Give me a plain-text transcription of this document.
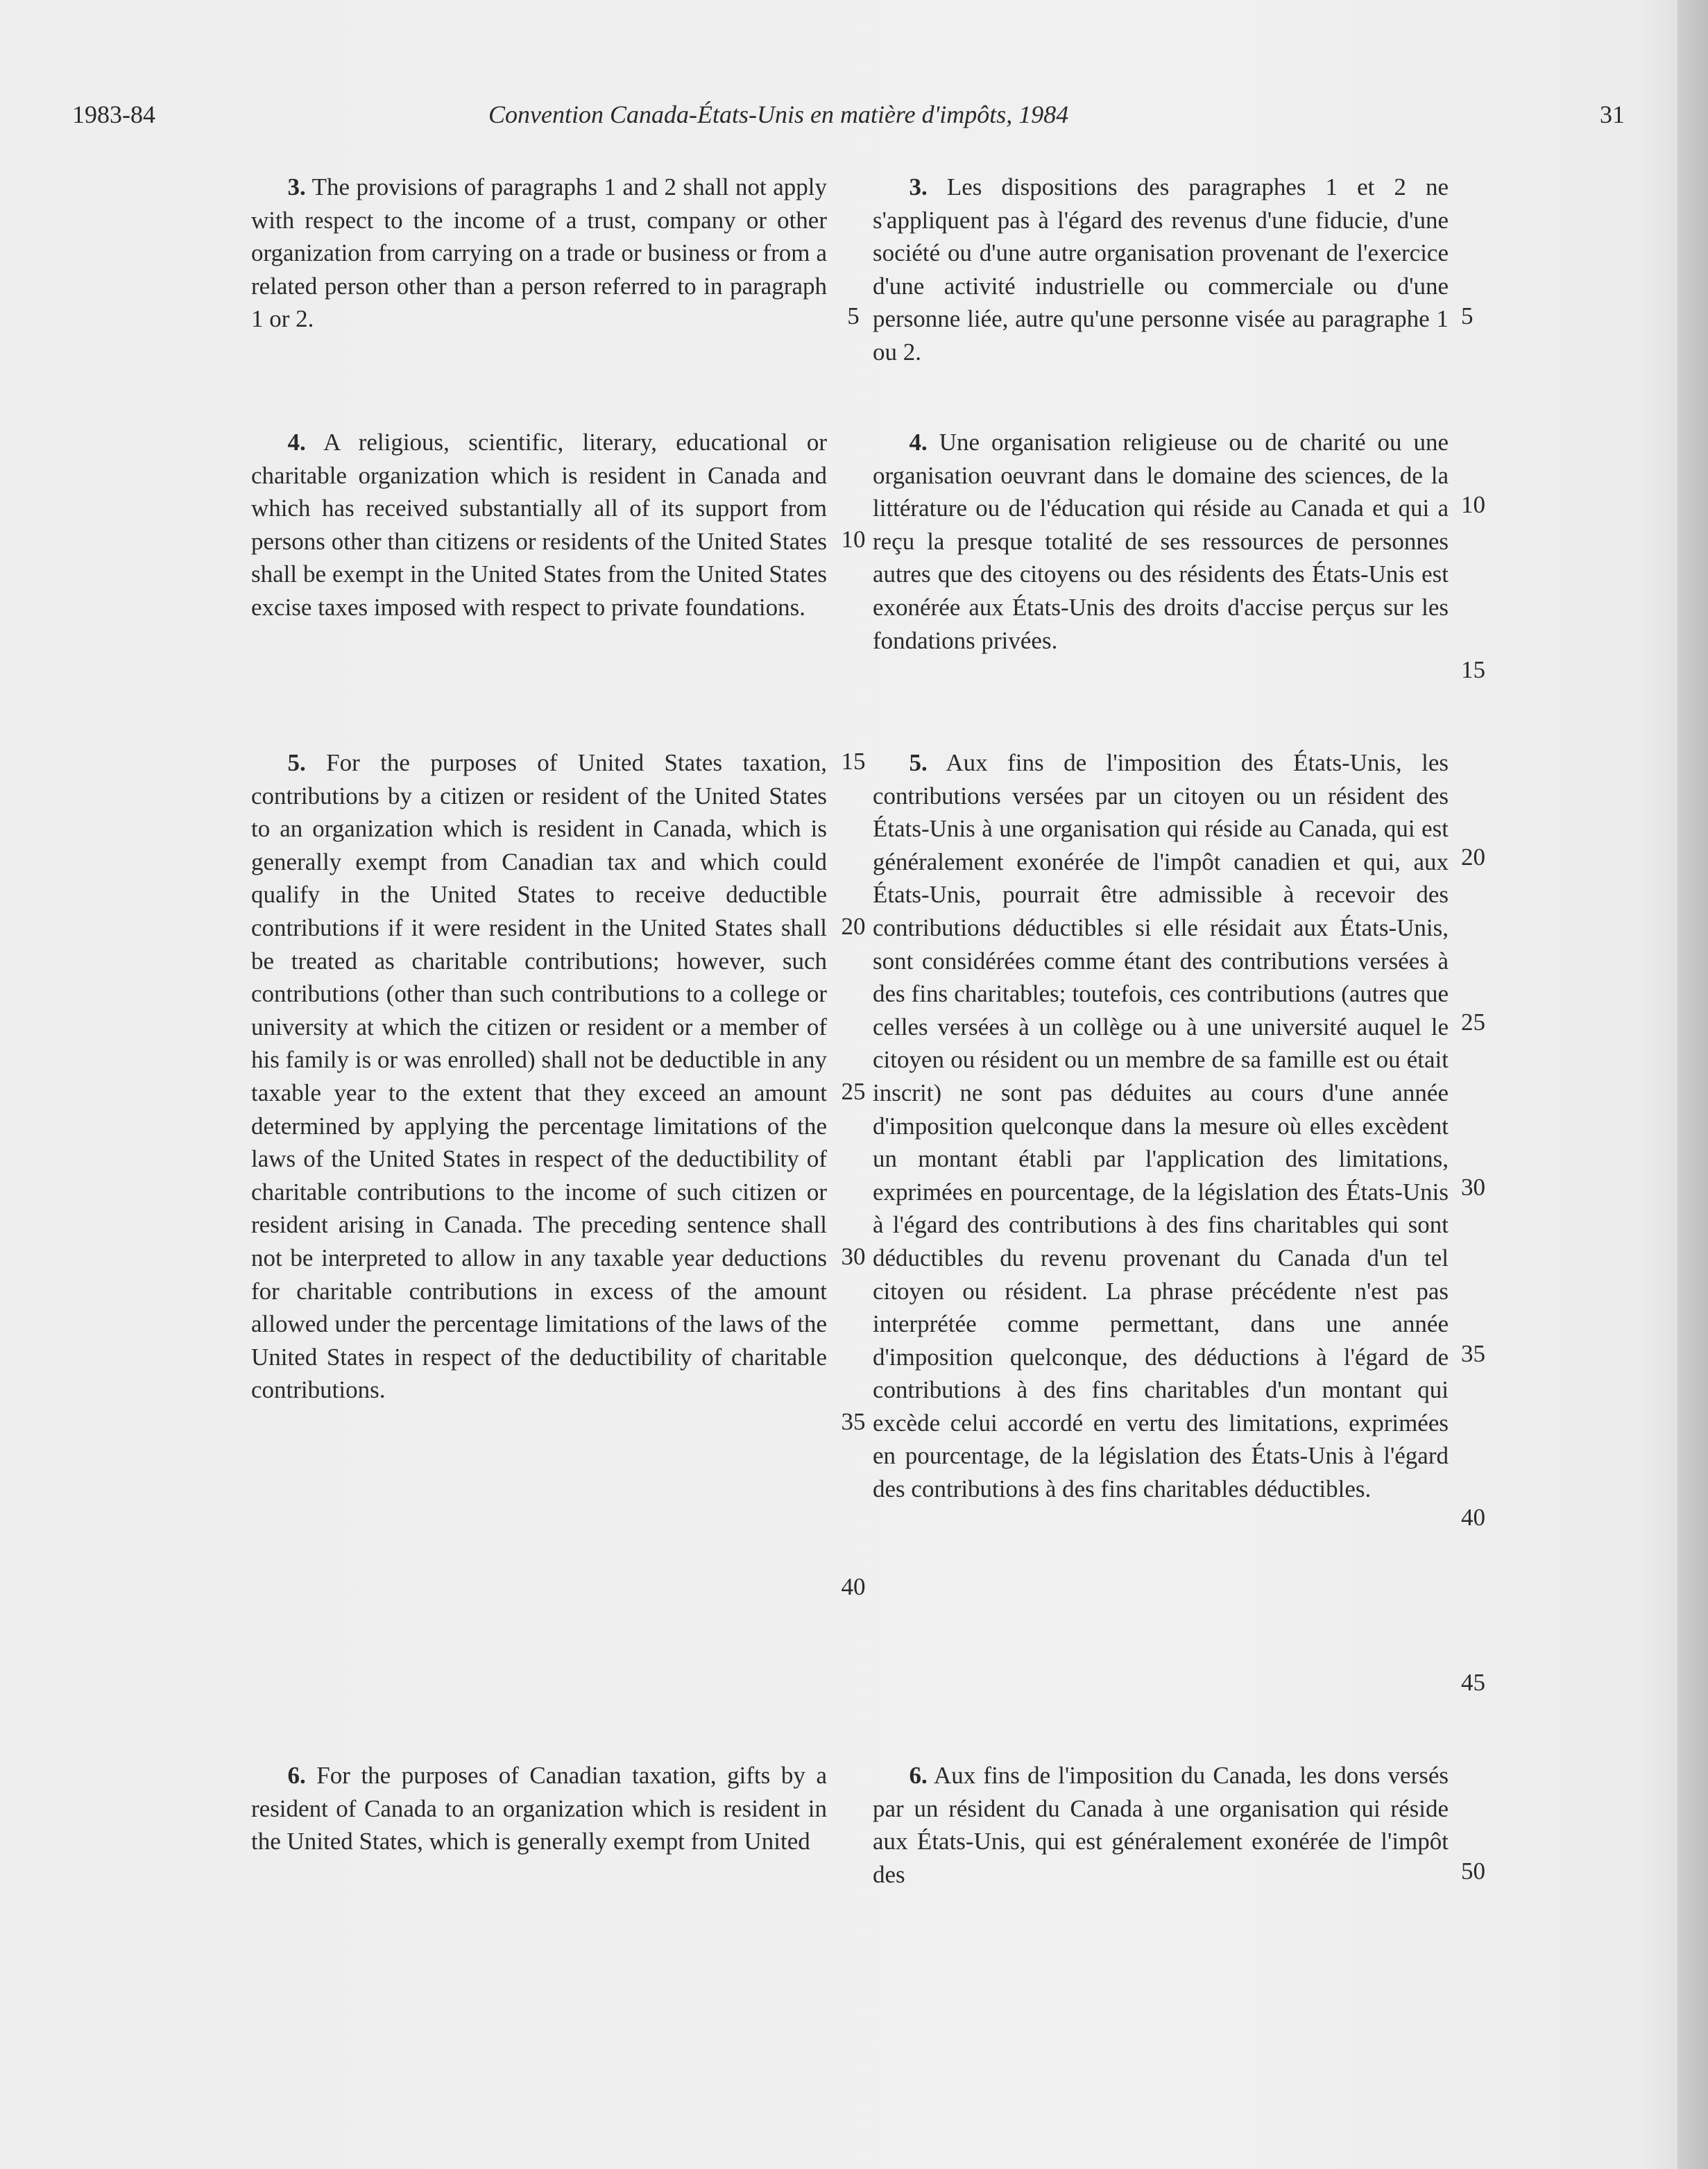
1983-84	Convention Canada-États-Unis en matière d'impôts, 1984	31

  3. The provisions of paragraphs 1 and 2 shall not apply with respect to the income of a trust, company or other organization from carrying on a trade or business or from a related person other than a person referred to in paragraph 1 or 2.

  4. A religious, scientific, literary, educational or charitable organization which is resident in Canada and which has received substantially all of its support from persons other than citizens or residents of the United States shall be exempt in the United States from the United States excise taxes imposed with respect to private foundations.

  5. For the purposes of United States taxation, contributions by a citizen or resident of the United States to an organization which is resident in Canada, which is generally exempt from Canadian tax and which could qualify in the United States to receive deductible contributions if it were resident in the United States shall be treated as charitable contributions; however, such contributions (other than such contributions to a college or university at which the citizen or resident or a member of his family is or was enrolled) shall not be deductible in any taxable year to the extent that they exceed an amount determined by applying the percentage limitations of the laws of the United States in respect of the deductibility of charitable contributions to the income of such citizen or resident arising in Canada. The preceding sentence shall not be interpreted to allow in any taxable year deductions for charitable contributions in excess of the amount allowed under the percentage limitations of the laws of the United States in respect of the deductibility of charitable contributions.

  6. For the purposes of Canadian taxation, gifts by a resident of Canada to an organization which is resident in the United States, which is generally exempt from United

  3. Les dispositions des paragraphes 1 et 2 ne s'appliquent pas à l'égard des revenus d'une fiducie, d'une société ou d'une autre organisation provenant de l'exercice d'une activité industrielle ou commerciale ou d'une personne liée, autre qu'une personne visée au paragraphe 1 ou 2.

  4. Une organisation religieuse ou de charité ou une organisation oeuvrant dans le domaine des sciences, de la littérature ou de l'éducation qui réside au Canada et qui a reçu la presque totalité de ses ressources de personnes autres que des citoyens ou des résidents des États-Unis est exonérée aux États-Unis des droits d'accise perçus sur les fondations privées.

  5. Aux fins de l'imposition des États-Unis, les contributions versées par un citoyen ou un résident des États-Unis à une organisation qui réside au Canada, qui est généralement exonérée de l'impôt canadien et qui, aux États-Unis, pourrait être admissible à recevoir des contributions déductibles si elle résidait aux États-Unis, sont considérées comme étant des contributions versées à des fins charitables; toutefois, ces contributions (autres que celles versées à un collège ou à une université auquel le citoyen ou résident ou un membre de sa famille est ou était inscrit) ne sont pas déduites au cours d'une année d'imposition quelconque dans la mesure où elles excèdent un montant établi par l'application des limitations, exprimées en pourcentage, de la législation des États-Unis à l'égard des contributions à des fins charitables qui sont déductibles du revenu provenant du Canada d'un tel citoyen ou résident. La phrase précédente n'est pas interprétée comme permettant, dans une année d'imposition quelconque, des déductions à l'égard de contributions à des fins charitables d'un montant qui excède celui accordé en vertu des limitations, exprimées en pourcentage, de la législation des États-Unis à l'égard des contributions à des fins charitables déductibles.

  6. Aux fins de l'imposition du Canada, les dons versés par un résident du Canada à une organisation qui réside aux États-Unis, qui est généralement exonérée de l'impôt des

5
10
15
20
25
30
35
40
5
10
15
20
25
30
35
40
45
50
